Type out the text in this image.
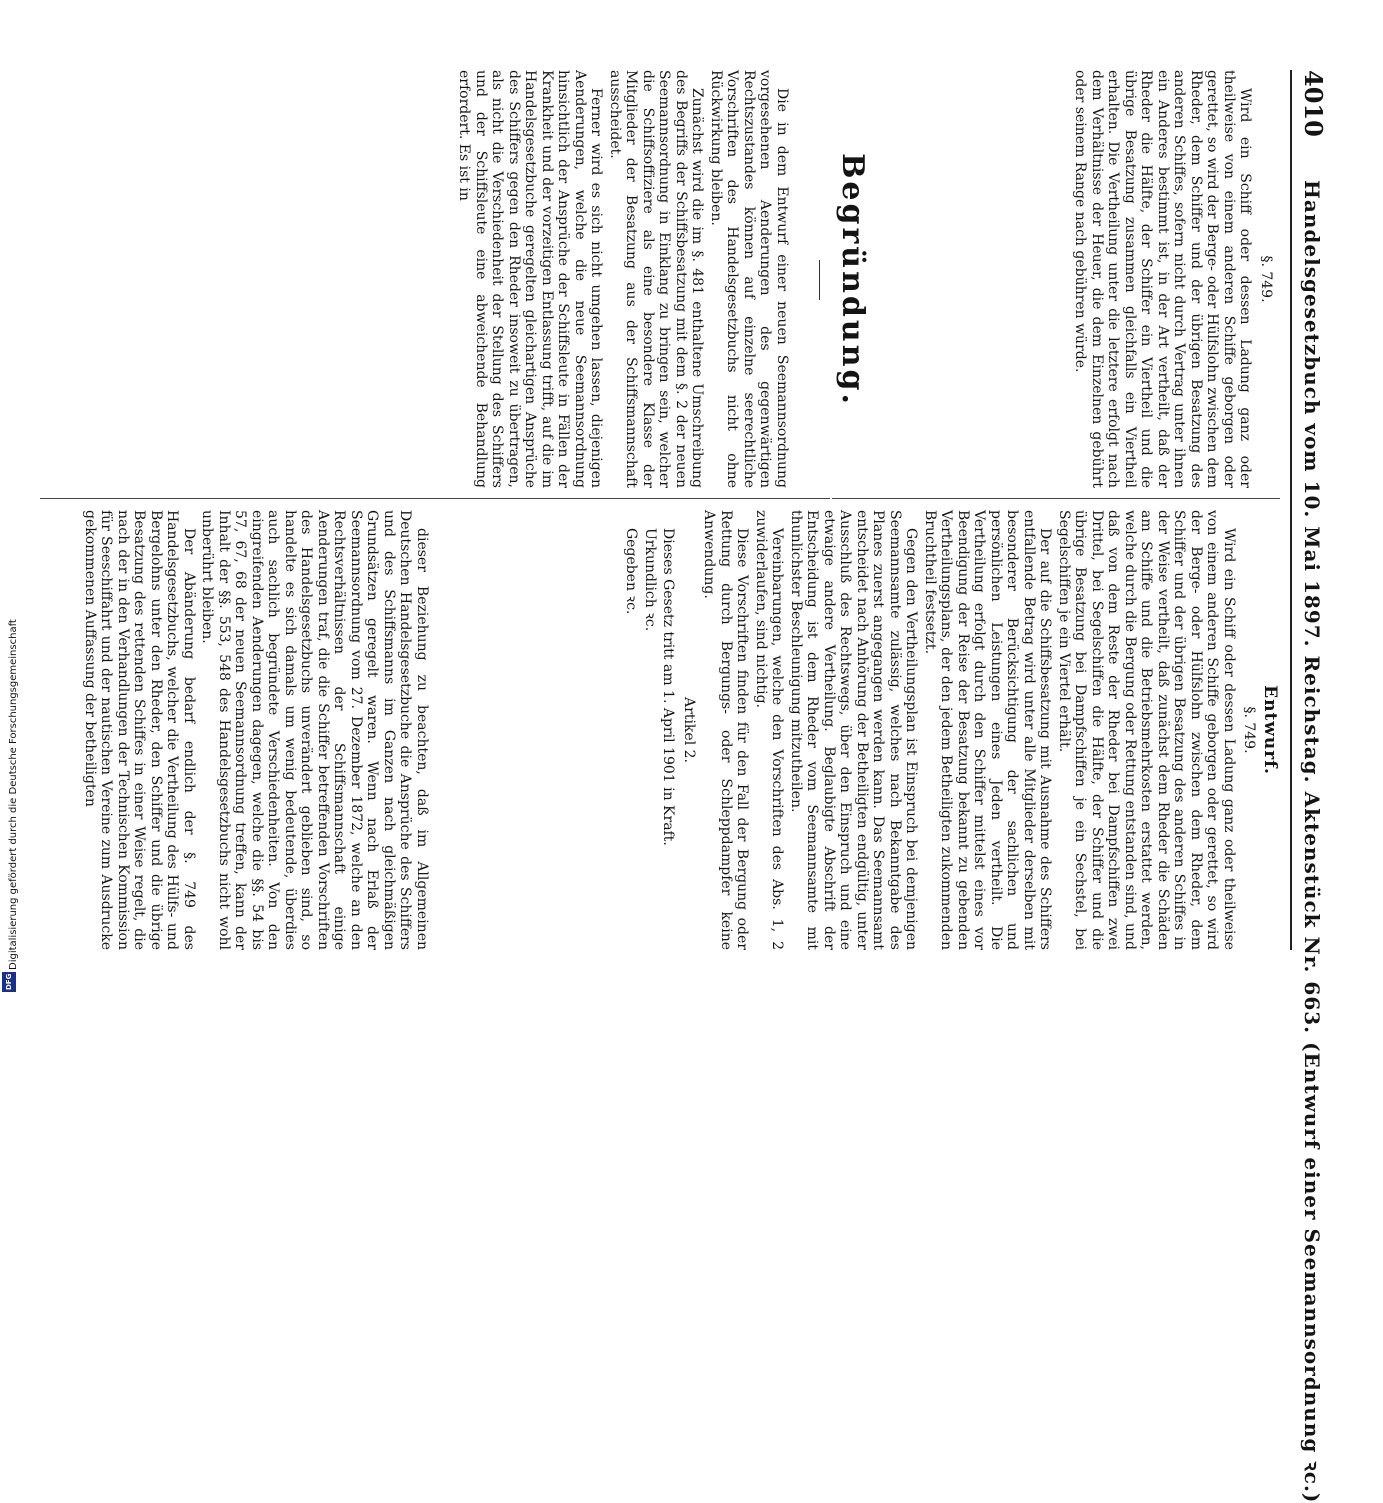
4010
Handelsgesetzbuch vom 10. Mai 1897. Reichstag. Aktenstück Nr. 663. (Entwurf einer Seemannsordnung ꝛc.)
§. 749.

Wird ein Schiff oder dessen Ladung ganz oder theilweise von einem anderen Schiffe geborgen oder gerettet, so wird der Berge- oder Hülfslohn zwischen dem Rheder, dem Schiffer und der übrigen Besatzung des anderen Schiffes, sofern nicht durch Vertrag unter ihnen ein Anderes bestimmt ist, in der Art vertheilt, daß der Rheder die Hälfte, der Schiffer ein Viertheil und die übrige Besatzung zusammen gleichfalls ein Viertheil erhalten. Die Vertheilung unter die letztere erfolgt nach dem Verhältnisse der Heuer, die dem Einzelnen gebührt oder seinem Range nach gebühren würde.

Entwurf.
§. 749.

Wird ein Schiff oder dessen Ladung ganz oder theilweise von einem anderen Schiffe geborgen oder gerettet, so wird der Berge- oder Hülfslohn zwischen dem Rheder, dem Schiffer und der übrigen Besatzung des anderen Schiffes in der Weise vertheilt, daß zunächst dem Rheder die Schäden am Schiffe und die Betriebsmehrkosten erstattet werden, welche durch die Bergung oder Rettung entstanden sind, und daß von dem Reste der Rheder bei Dampfschiffen zwei Drittel, bei Segelschiffen die Hälfte, der Schiffer und die übrige Besatzung bei Dampfschiffen je ein Sechstel, bei Segelschiffen je ein Viertel erhält.

Der auf die Schiffsbesatzung mit Ausnahme des Schiffers entfallende Betrag wird unter alle Mitglieder derselben mit besonderer Berücksichtigung der sachlichen und persönlichen Leistungen eines Jeden vertheilt. Die Vertheilung erfolgt durch den Schiffer mittelst eines vor Beendigung der Reise der Besatzung bekannt zu gebenden Vertheilungsplans, der den jedem Betheiligten zukommenden Bruchtheil festsetzt.

Gegen den Vertheilungsplan ist Einspruch bei demjenigen Seemannsamte zulässig, welches nach Bekanntgabe des Planes zuerst angegangen werden kann. Das Seemannsamt entscheidet nach Anhörung der Betheiligten endgültig, unter Ausschluß des Rechtswegs, über den Einspruch und eine etwaige andere Vertheilung. Beglaubigte Abschrift der Entscheidung ist dem Rheder vom Seemannsamte mit thunlichster Beschleunigung mitzutheilen.

Vereinbarungen, welche den Vorschriften des Abs. 1, 2 zuwiderlaufen, sind nichtig.

Diese Vorschriften finden für den Fall der Bergung oder Rettung durch Bergungs- oder Schleppdampfer keine Anwendung.

Artikel 2.

Dieses Gesetz tritt am 1. April 1901 in Kraft.

Urkundlich ꝛc.

Gegeben ꝛc.

Begründung.

Die in dem Entwurf einer neuen Seemannsordnung vorgesehenen Aenderungen des gegenwärtigen Rechtszustandes können auf einzelne seerechtliche Vorschriften des Handelsgesetzbuchs nicht ohne Rückwirkung bleiben.

Zunächst wird die im §. 481 enthaltene Umschreibung des Begriffs der Schiffsbesatzung mit dem §. 2 der neuen Seemannsordnung in Einklang zu bringen sein, welcher die Schiffsoffiziere als eine besondere Klasse der Mitglieder der Besatzung aus der Schiffsmannschaft ausscheidet.

Ferner wird es sich nicht umgehen lassen, diejenigen Aenderungen, welche die neue Seemannsordnung hinsichtlich der Ansprüche der Schiffsleute in Fällen der Krankheit und der vorzeitigen Entlassung trifft, auf die im Handelsgesetzbuche geregelten gleichartigen Ansprüche des Schiffers gegen den Rheder insoweit zu übertragen, als nicht die Verschiedenheit der Stellung des Schiffers und der Schiffsleute eine abweichende Behandlung erfordert. Es ist in

dieser Beziehung zu beachten, daß im Allgemeinen Deutschen Handelsgesetzbuche die Ansprüche des Schiffers und des Schiffsmanns im Ganzen nach gleichmäßigen Grundsätzen geregelt waren. Wenn nach Erlaß der Seemannsordnung vom 27. Dezember 1872, welche an den Rechtsverhältnissen der Schiffsmannschaft einige Aenderungen traf, die die Schiffer betreffenden Vorschriften des Handelsgesetzbuchs unverändert geblieben sind, so handelte es sich damals um wenig bedeutende, überdies auch sachlich begründete Verschiedenheiten. Von den eingreifenden Aenderungen dagegen, welche die §§. 54 bis 57, 67, 68 der neuen Seemannsordnung treffen, kann der Inhalt der §§. 553, 548 des Handelsgesetzbuchs nicht wohl unberührt bleiben.

Der Abänderung bedarf endlich der §. 749 des Handelsgesetzbuchs, welcher die Vertheilung des Hülfs- und Bergelohns unter den Rheder, den Schiffer und die übrige Besatzung des rettenden Schiffes in einer Weise regelt, die nach der in den Verhandlungen der Technischen Kommission für Seeschiffahrt und der nautischen Vereine zum Ausdrucke gekommenen Auffassung der betheiligten

Digitalisierung gefördert durch die Deutsche Forschungsgemeinschaft
DFG
